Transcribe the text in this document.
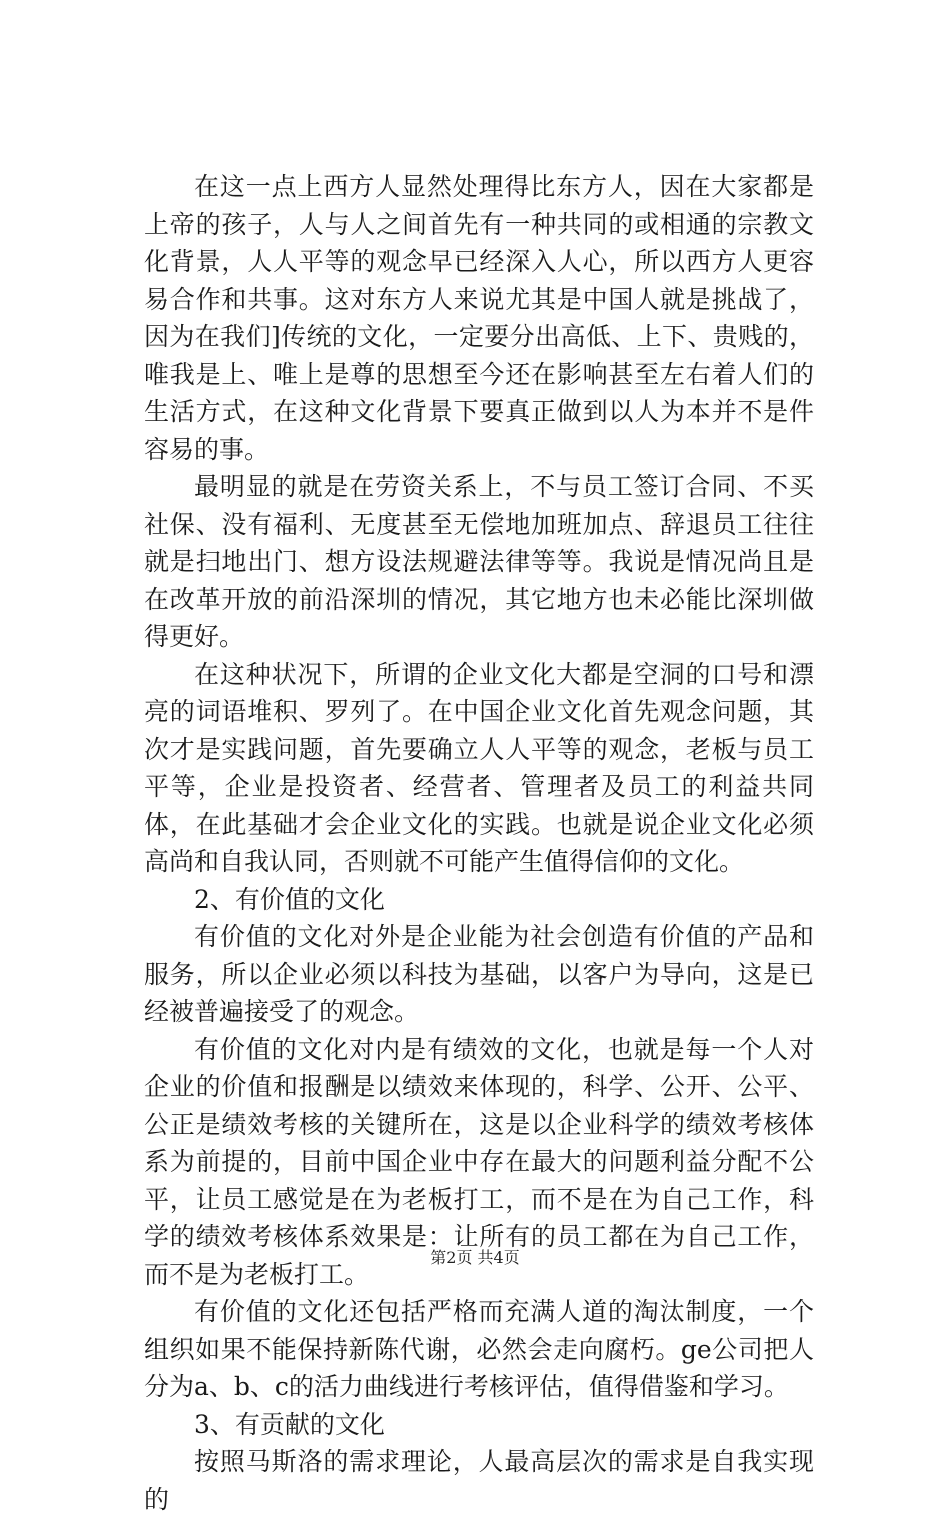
在这一点上西方人显然处理得比东方人，因在大家都是上帝的孩子，人与人之间首先有一种共同的或相通的宗教文化背景，人人平等的观念早已经深入人心，所以西方人更容易合作和共事。这对东方人来说尤其是中国人就是挑战了，因为在我们]传统的文化，一定要分出高低、上下、贵贱的，唯我是上、唯上是尊的思想至今还在影响甚至左右着人们的生活方式，在这种文化背景下要真正做到以人为本并不是件容易的事。

最明显的就是在劳资关系上，不与员工签订合同、不买社保、没有福利、无度甚至无偿地加班加点、辞退员工往往就是扫地出门、想方设法规避法律等等。我说是情况尚且是在改革开放的前沿深圳的情况，其它地方也未必能比深圳做得更好。

在这种状况下，所谓的企业文化大都是空洞的口号和漂亮的词语堆积、罗列了。在中国企业文化首先观念问题，其次才是实践问题，首先要确立人人平等的观念，老板与员工平等，企业是投资者、经营者、管理者及员工的利益共同体，在此基础才会企业文化的实践。也就是说企业文化必须高尚和自我认同，否则就不可能产生值得信仰的文化。

2、有价值的文化

有价值的文化对外是企业能为社会创造有价值的产品和服务，所以企业必须以科技为基础，以客户为导向，这是已经被普遍接受了的观念。

有价值的文化对内是有绩效的文化，也就是每一个人对企业的价值和报酬是以绩效来体现的，科学、公开、公平、公正是绩效考核的关键所在，这是以企业科学的绩效考核体系为前提的，目前中国企业中存在最大的问题利益分配不公平，让员工感觉是在为老板打工，而不是在为自己工作，科学的绩效考核体系效果是：让所有的员工都在为自己工作，而不是为老板打工。

有价值的文化还包括严格而充满人道的淘汰制度，一个组织如果不能保持新陈代谢，必然会走向腐朽。ge公司把人分为a、b、c的活力曲线进行考核评估，值得借鉴和学习。

3、有贡献的文化

按照马斯洛的需求理论，人最高层次的需求是自我实现的

第2页 共4页
